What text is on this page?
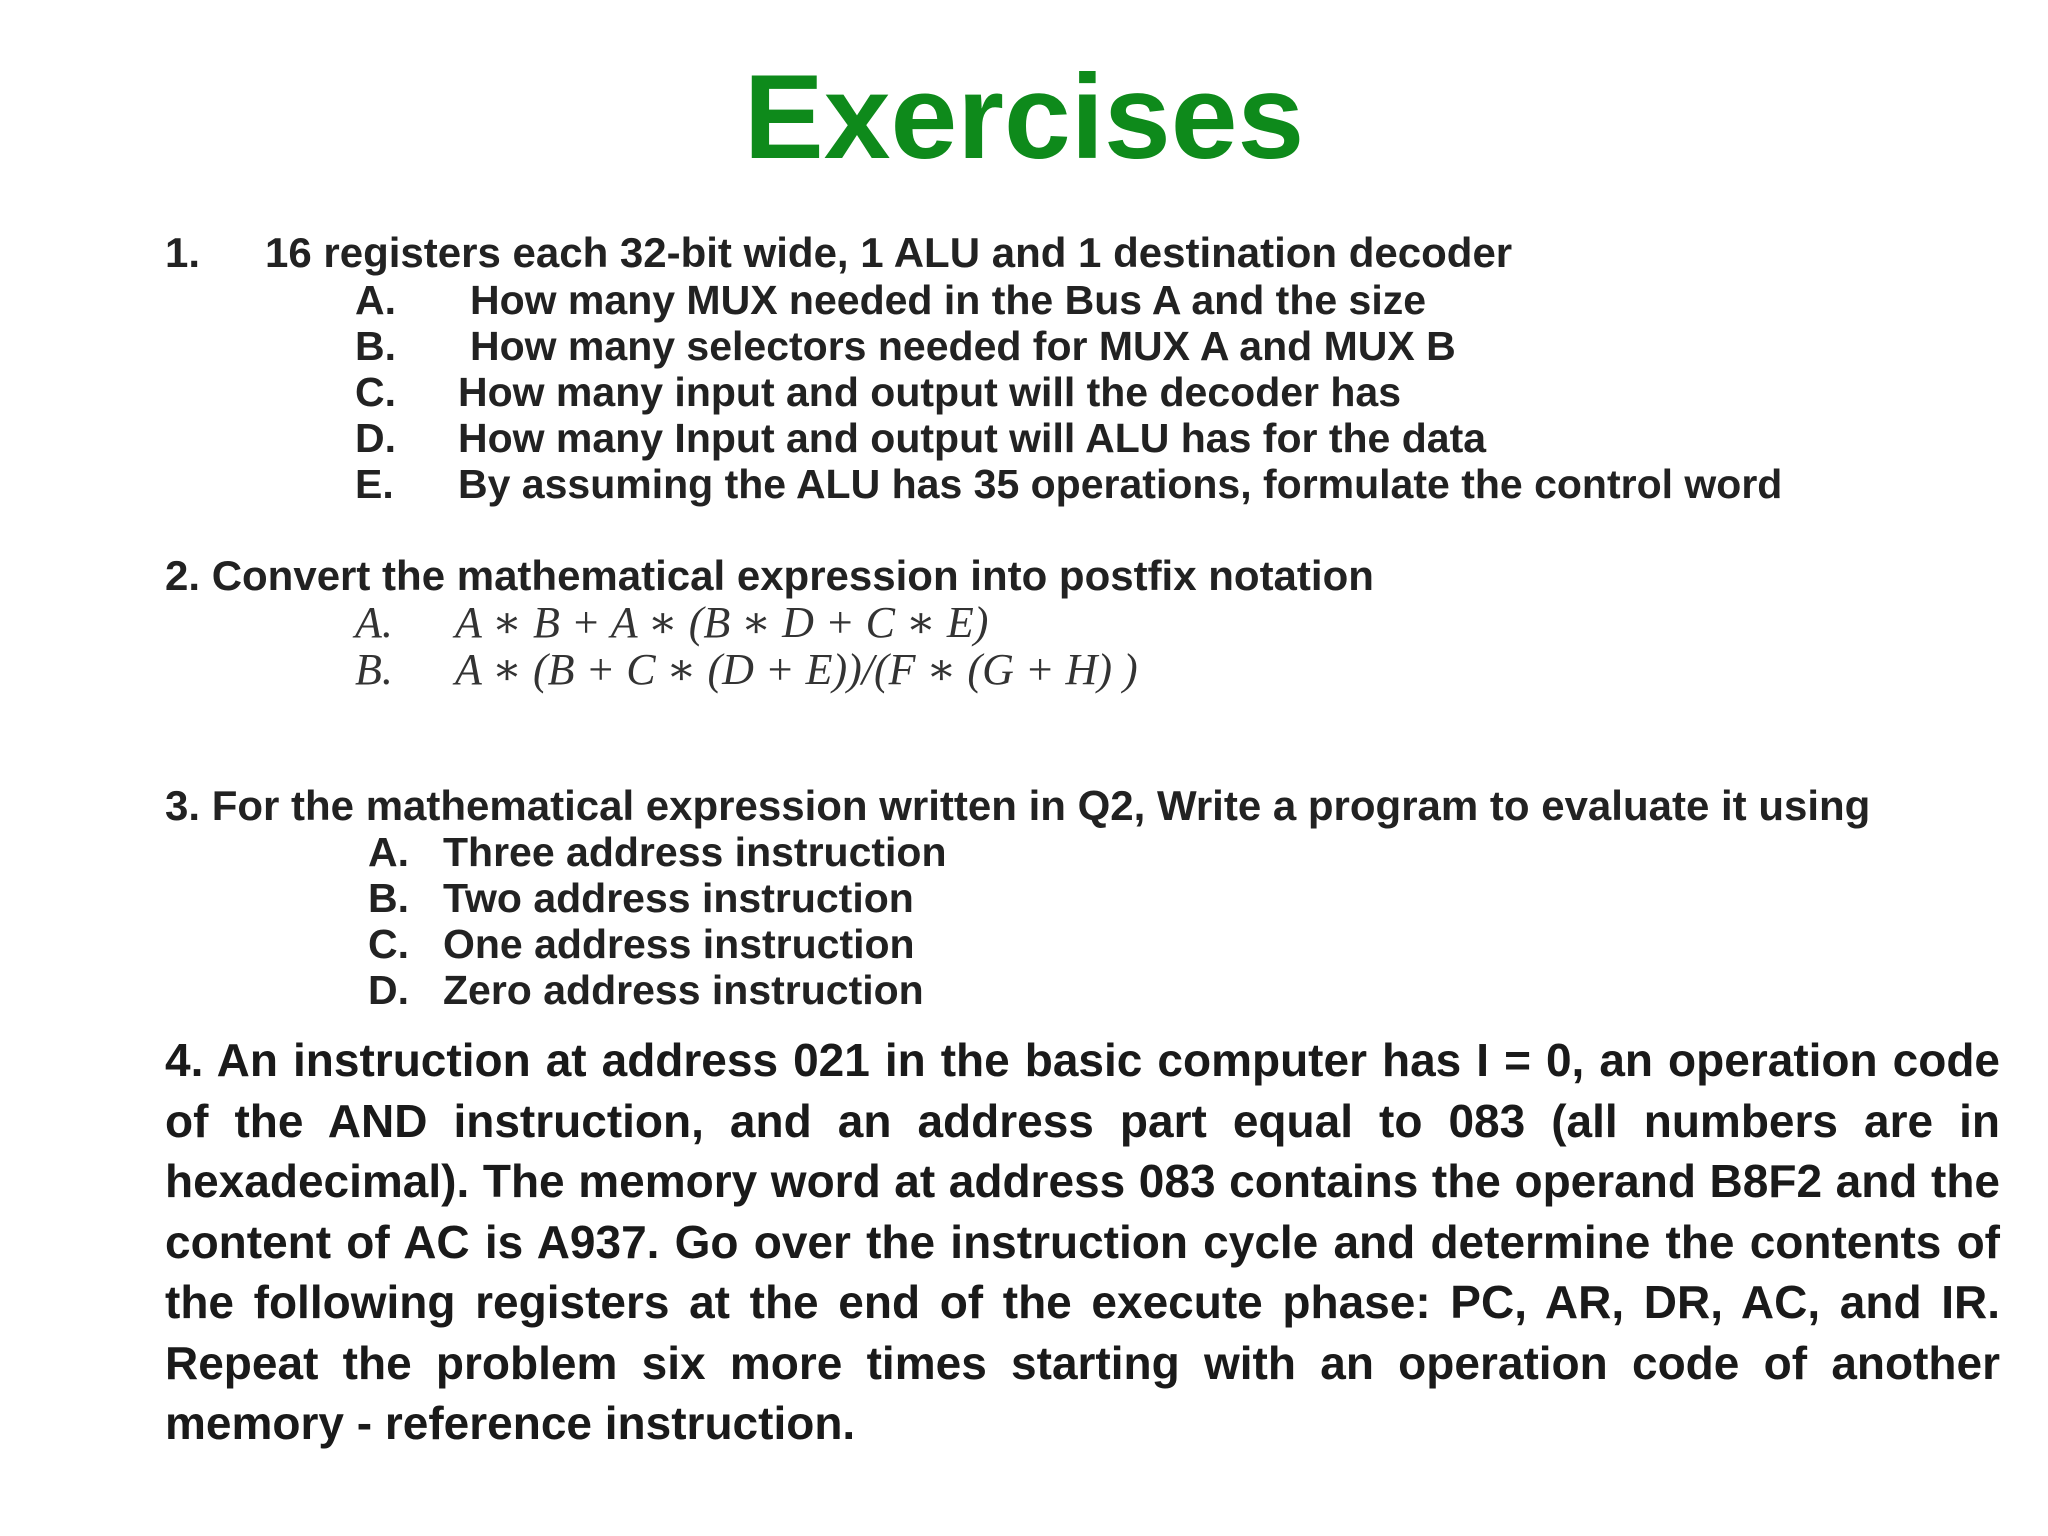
Exercises
1. 16 registers each 32-bit wide, 1 ALU and 1 destination decoder
A. How many MUX needed in the Bus A and the size
B. How many selectors needed for MUX A and MUX B
C. How many input and output will the decoder has
D. How many Input and output will ALU has for the data
E. By assuming the ALU has 35 operations, formulate the control word
2. Convert the mathematical expression into postfix notation
A. A ∗ B + A ∗ (B ∗ D + C ∗ E)
B. A ∗ (B + C ∗ (D + E))/(F ∗ (G + H) )
3. For the mathematical expression written in Q2, Write a program to evaluate it using
A. Three address instruction
B. Two address instruction
C. One address instruction
D. Zero address instruction

4. An instruction at address 021 in the basic computer has I = 0, an operation code of the AND instruction, and an address part equal to 083 (all numbers are in hexadecimal). The memory word at address 083 contains the operand B8F2 and the content of AC is A937. Go over the instruction cycle and determine the contents of the following registers at the end of the execute phase: PC, AR, DR, AC, and IR. Repeat the problem six more times starting with an operation code of another memory - reference instruction.
